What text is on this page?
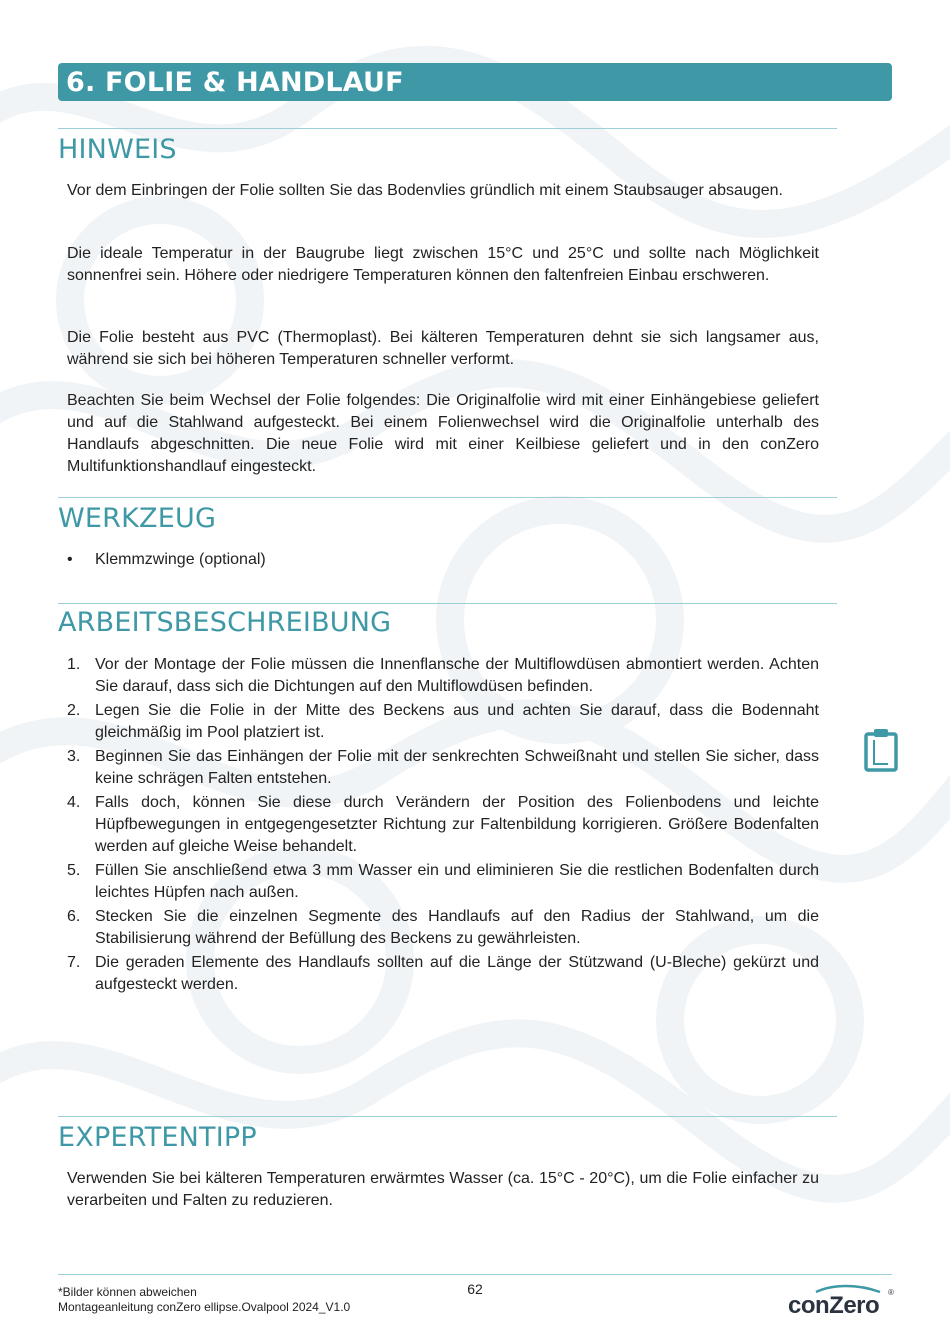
6. FOLIE & HANDLAUF
HINWEIS

Vor dem Einbringen der Folie sollten Sie das Bodenvlies gründlich mit einem Staubsauger absaugen.

Die ideale Temperatur in der Baugrube liegt zwischen 15°C und 25°C und sollte nach Möglichkeit sonnenfrei sein. Höhere oder niedrigere Temperaturen können den faltenfreien Einbau erschweren.

Die Folie besteht aus PVC (Thermoplast). Bei kälteren Temperaturen dehnt sie sich langsamer aus, während sie sich bei höheren Temperaturen schneller verformt.

Beachten Sie beim Wechsel der Folie folgendes: Die Originalfolie wird mit einer Einhängebiese geliefert und auf die Stahlwand aufgesteckt. Bei einem Folienwechsel wird die Originalfolie unterhalb des Handlaufs abgeschnitten. Die neue Folie wird mit einer Keilbiese geliefert und in den conZero Multifunktionshandlauf eingesteckt.

WERKZEUG
• Klemmzwinge (optional)
ARBEITSBESCHREIBUNG
1. Vor der Montage der Folie müssen die Innenflansche der Multiflowdüsen abmontiert werden. Achten Sie darauf, dass sich die Dichtungen auf den Multiflowdüsen befinden.
2. Legen Sie die Folie in der Mitte des Beckens aus und achten Sie darauf, dass die Bodennaht gleichmäßig im Pool platziert ist.
3. Beginnen Sie das Einhängen der Folie mit der senkrechten Schweißnaht und stellen Sie sicher, dass keine schrägen Falten entstehen.
4. Falls doch, können Sie diese durch Verändern der Position des Folienbodens und leichte Hüpfbewegungen in entgegengesetzter Richtung zur Faltenbildung korrigieren. Größere Bodenfalten werden auf gleiche Weise behandelt.
5. Füllen Sie anschließend etwa 3 mm Wasser ein und eliminieren Sie die restlichen Bodenfalten durch leichtes Hüpfen nach außen.
6. Stecken Sie die einzelnen Segmente des Handlaufs auf den Radius der Stahlwand, um die Stabilisierung während der Befüllung des Beckens zu gewährleisten.
7. Die geraden Elemente des Handlaufs sollten auf die Länge der Stützwand (U-Bleche) gekürzt und aufgesteckt werden.
EXPERTENTIPP

Verwenden Sie bei kälteren Temperaturen erwärmtes Wasser (ca. 15°C - 20°C), um die Folie einfacher zu verarbeiten und Falten zu reduzieren.

*Bilder können abweichen
Montageanleitung conZero ellipse.Ovalpool 2024_V1.0
62
conZero ®
